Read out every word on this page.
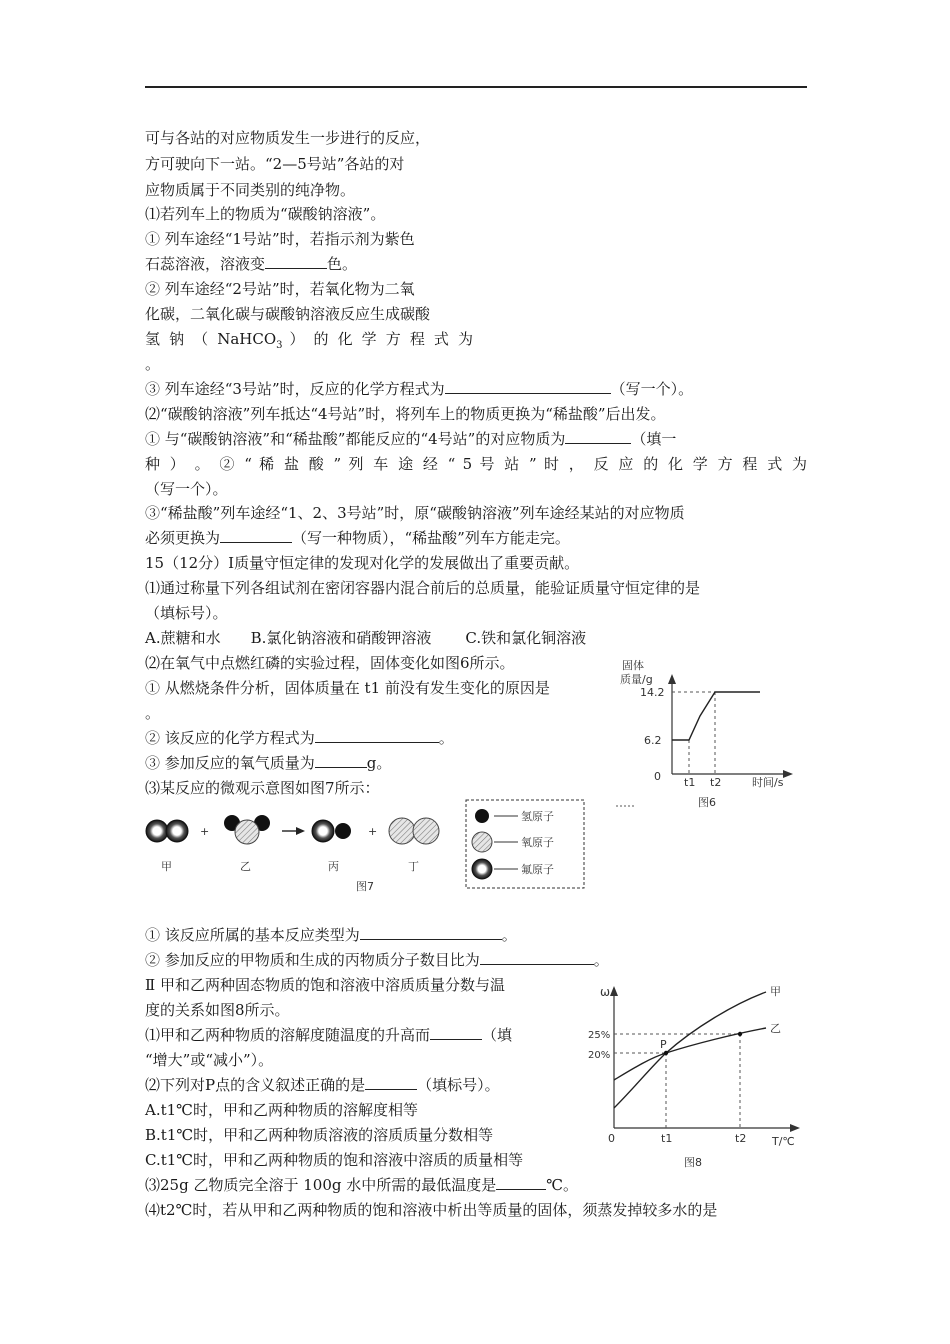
可与各站的对应物质发生一步进行的反应，
方可驶向下一站。“2—5号站”各站的对
应物质属于不同类别的纯净物。
⑴若列车上的物质为“碳酸钠溶液”。
① 列车途经“1号站”时，若指示剂为紫色
石蕊溶液，溶液变	色。
② 列车途经“2号站”时，若氧化物为二氧
化碳，二氧化碳与碳酸钠溶液反应生成碳酸
氢 钠 （ NaHCO$_3$ ） 的 化 学 方 程 式 为
。
③ 列车途经“3号站”时，反应的化学方程式为	（写一个）。
⑵“碳酸钠溶液”列车抵达“4号站”时，将列车上的物质更换为“稀盐酸”后出发。
① 与“碳酸钠溶液”和“稀盐酸”都能反应的“4号站”的对应物质为	（填一
种 ） 。 ② “ 稀 盐 酸 ” 列 车 途 经 “ 5 号 站 ” 时 ， 反 应 的 化 学 方 程 式 为
（写一个）。
③“稀盐酸”列车途经“1、2、3号站”时，原“碳酸钠溶液”列车途经某站的对应物质
必须更换为	（写一种物质），“稀盐酸”列车方能走完。
15（12分）Ⅰ质量守恒定律的发现对化学的发展做出了重要贡献。
⑴通过称量下列各组试剂在密闭容器内混合前后的总质量，能验证质量守恒定律的是
（填标号）。
A.蔗糖和水 B.氯化钠溶液和硝酸钾溶液 C.铁和氯化铜溶液
⑵在氧气中点燃红磷的实验过程，固体变化如图6所示。
① 从燃烧条件分析，固体质量在 t1 前没有发生变化的原因是
。
② 该反应的化学方程式为	。
③ 参加反应的氧气质量为	g。
⑶某反应的微观示意图如图7所示：
固体
质量/g
14.2
6.2
0 t1 t2	时间/s
图6
+	+
甲	乙	丙	丁
图7
氢原子
氧原子
氟原子
① 该反应所属的基本反应类型为	。
② 参加反应的甲物质和生成的丙物质分子数目比为	。
Ⅱ 甲和乙两种固态物质的饱和溶液中溶质质量分数与温
度的关系如图8所示。
⑴甲和乙两种物质的溶解度随温度的升高而	（填
“增大”或“减小”）。
⑵下列对P点的含义叙述正确的是	（填标号）。
A.t1℃时，甲和乙两种物质的溶解度相等
B.t1℃时，甲和乙两种物质溶液的溶质质量分数相等
C.t1℃时，甲和乙两种物质的饱和溶液中溶质的质量相等
⑶25g 乙物质完全溶于 100g 水中所需的最低温度是	℃。
⑷t2℃时，若从甲和乙两种物质的饱和溶液中析出等质量的固体，须蒸发掉较多水的是
ω
25%
20%
P
甲
乙
0	t1	t2 T/℃
图8
